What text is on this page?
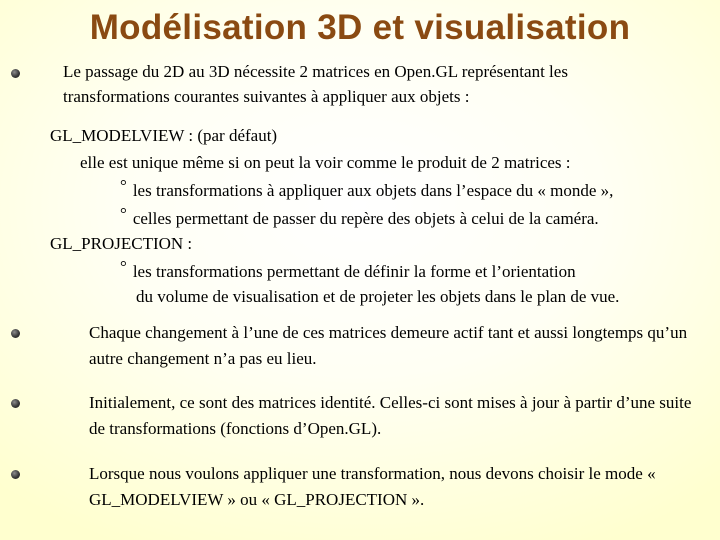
Modélisation 3D et visualisation
Le passage du 2D au 3D nécessite 2 matrices en Open.GL représentant les
transformations courantes suivantes à appliquer aux objets :
GL_MODELVIEW : (par défaut)
elle est unique même si on peut la voir comme le produit de 2 matrices :
° les transformations à appliquer aux objets dans l’espace du « monde »,
° celles permettant de passer du repère des objets à celui de la caméra.
GL_PROJECTION :
° les transformations permettant de définir la forme et l’orientation
du volume de visualisation et de projeter les objets dans le plan de vue.
Chaque changement à l’une de ces matrices demeure actif tant et aussi longtemps qu’un autre changement n’a pas eu lieu.
Initialement, ce sont des matrices identité. Celles-ci sont mises à jour à partir d’une suite de transformations (fonctions d’Open.GL).
Lorsque nous voulons appliquer une transformation, nous devons choisir le mode « GL_MODELVIEW » ou « GL_PROJECTION ».
